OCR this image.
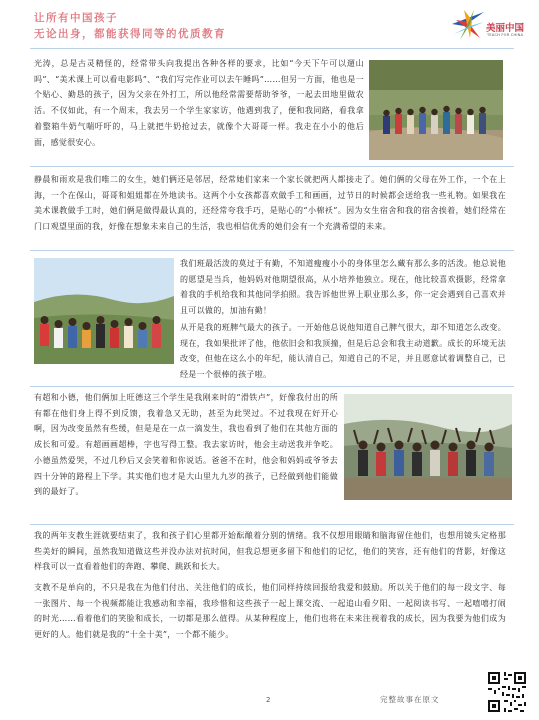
让所有中国孩子
无论出身，都能获得同等的优质教育	美丽中国
TEACH FOR CHINA
光涛，总是古灵精怪的，经常带头向我提出各种各样的要求，比如“今天下午可以遛山吗”、“美术课上可以看电影吗”、“我们写完作业可以去午睡吗”……但另一方面，他也是一个贴心、勤恳的孩子，因为父亲在外打工，所以他经常需要帮助爷爷，一起去田地里做农活。不仅如此，有一个周末，我去另一个学生家家访，他遇到我了，便和我同路，看我拿着整箱牛奶气喘吁吁的，马上就把牛奶抢过去，就像个大哥哥一样。我走在小小的他后面，感觉很安心。
静晨和雨欢是我们唯二的女生，她们俩还是邻居，经常她们家来一个家长就把两人都接走了。她们俩的父母在外工作，一个在上海，一个在保山，哥哥和姐姐都在外地读书。这两个小女孩都喜欢做手工和画画，过节日的时候都会送给我一些礼物。如果我在美术课教做手工时，她们俩是做得最认真的，还经常夸我手巧，是贴心的“小棉袄”。因为女生宿舍和我的宿舍挨着，她们经常在门口观望里面的我，好像在想象未来自己的生活，我也相信优秀的她们会有一个充满希望的未来。
我们班最活泼的莫过于有勤，不知道瘦瘦小小的身体里怎么藏有那么多的活泼。他总说他的愿望是当兵，他妈妈对他期望很高，从小培养他独立。现在，他比较喜欢摄影，经常拿着我的手机给我和其他同学拍照。我告诉他世界上职业那么多，你一定会遇到自己喜欢并且可以做的，加油有勤！
从开是我的班脾气最大的孩子。一开始他总说他知道自己脾气很大，却不知道怎么改变。现在，我如果批评了他，他依旧会和我顶撞，但是后总会和我主动道歉。成长的环境无法改变，但他在这么小的年纪，能认清自己，知道自己的不足，并且愿意试着调整自己，已经是一个很棒的孩子啦。
有超和小德，他们俩加上旺德这三个学生是我刚来时的“滑铁卢”，好像我付出的所有都在他们身上得不到反馈，我着急又无助，甚至为此哭过。不过我现在好开心啊，因为改变虽然有些缓，但是是在一点一滴发生，我也看到了他们在其他方面的成长和可爱。有超画画超棒，字也写得工整。我去家访时，他会主动送我并争吃。小德虽然爱哭，不过几秒后又会笑着和你说话。爸爸不在时，他会和妈妈或爷爷去四十分钟的路程上下学。其实他们也才是大山里九九岁的孩子，已经做到他们能做到的最好了。
我的两年支教生涯就要结束了，我和孩子们心里都开始酝酿着分别的情绪。我不仅想用眼睛和脑海留住他们，也想用镜头定格那些美好的瞬间，虽然我知道做这些并没办法对抗时间，但我总想更多留下和他们的记忆，他们的笑容，还有他们的背影，好像这样我可以一直看着他们的奔跑、攀爬、跳跃和长大。
支教不是单向的，不只是我在为他们付出、关注他们的成长，他们同样持续回报给我爱和鼓励。所以关于他们的每一段文字、每一张图片、每一个视频都能让我感动和幸福，我珍惜和这些孩子一起上课交流、一起追山看夕阳、一起阅读书写、一起嘻嘻打闹的时光……看着他们的笑脸和成长，一切都是那么值得。从某种程度上，他们也将在未来注视着我的成长，因为我要为他们成为更好的人。他们就是我的“十全十美”，一个都不能少。
2	完整故事在原文
